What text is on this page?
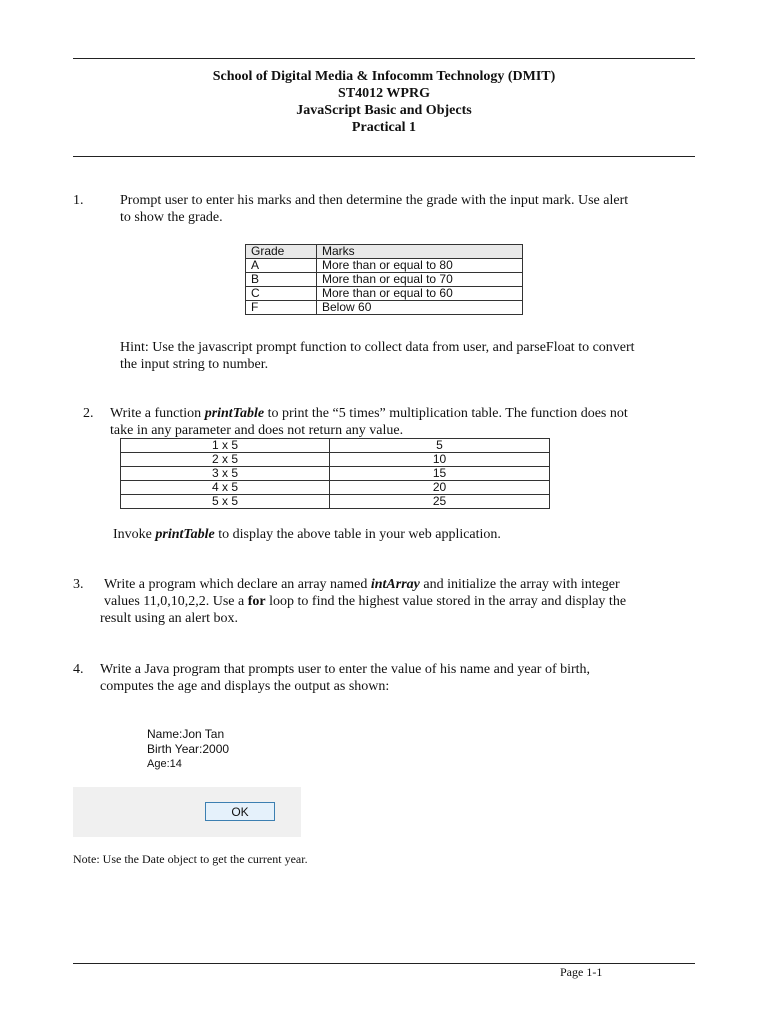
School of Digital Media & Infocomm Technology (DMIT)
ST4012 WPRG
JavaScript Basic and Objects
Practical 1
1.	Prompt user to enter his marks and then determine the grade with the input mark. Use alert
to show the grade.
Grade	Marks
A	More than or equal to 80
B	More than or equal to 70
C	More than or equal to 60
F	Below 60
Hint: Use the javascript prompt function to collect data from user, and parseFloat to convert
the input string to number.
2. Write a function printTable to print the “5 times” multiplication table. The function does not
take in any parameter and does not return any value.
1 x 5	5
2 x 5	10
3 x 5	15
4 x 5	20
5 x 5	25
Invoke printTable to display the above table in your web application.
3. Write a program which declare an array named intArray and initialize the array with integer
values 11,0,10,2,2. Use a for loop to find the highest value stored in the array and display the
result using an alert box.
4. Write a Java program that prompts user to enter the value of his name and year of birth,
computes the age and displays the output as shown:
Name:Jon Tan
Birth Year:2000
Age:14
OK
Note: Use the Date object to get the current year.
Page 1-1
